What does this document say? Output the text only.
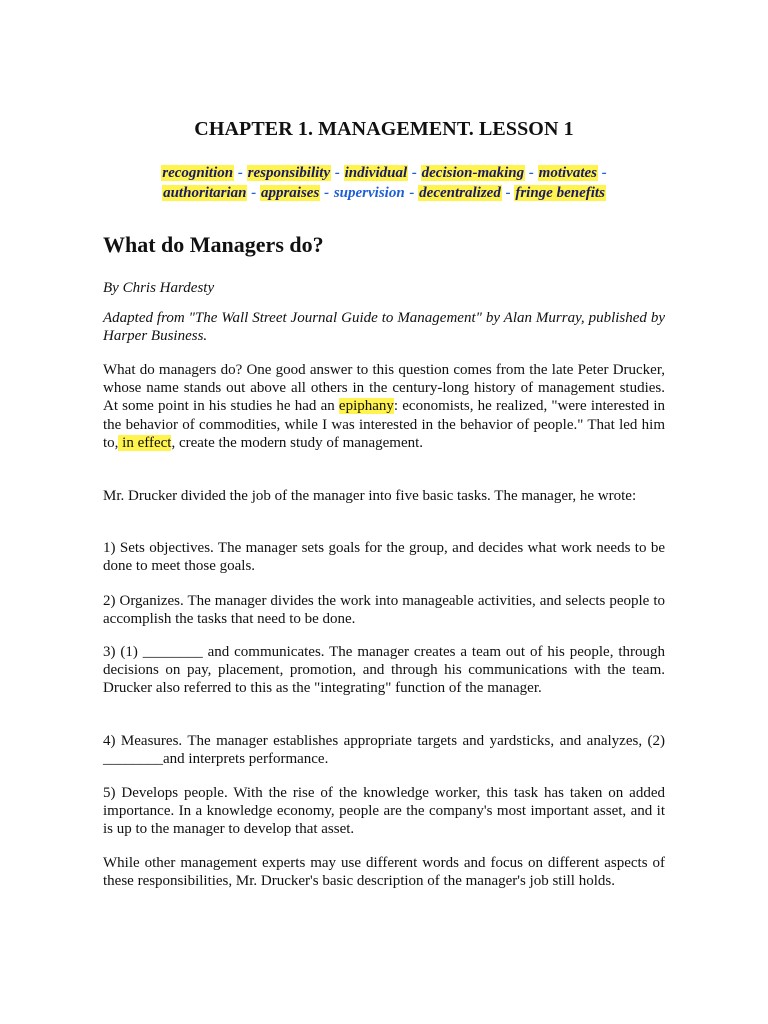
CHAPTER 1. MANAGEMENT. LESSON 1
recognition - responsibility - individual - decision-making - motivates -
authoritarian - appraises - supervision - decentralized - fringe benefits
What do Managers do?
By Chris Hardesty
Adapted from "The Wall Street Journal Guide to Management" by Alan Murray, published by Harper Business.
What do managers do? One good answer to this question comes from the late Peter Drucker, whose name stands out above all others in the century-long history of management studies. At some point in his studies he had an epiphany: economists, he realized, "were interested in the behavior of commodities, while I was interested in the behavior of people." That led him to, in effect, create the modern study of management.
Mr. Drucker divided the job of the manager into five basic tasks. The manager, he wrote:
1) Sets objectives. The manager sets goals for the group, and decides what work needs to be done to meet those goals.
2) Organizes. The manager divides the work into manageable activities, and selects people to accomplish the tasks that need to be done.
3) (1) ________ and communicates. The manager creates a team out of his people, through decisions on pay, placement, promotion, and through his communications with the team. Drucker also referred to this as the "integrating" function of the manager.
4) Measures. The manager establishes appropriate targets and yardsticks, and analyzes, (2) ________and interprets performance.
5) Develops people. With the rise of the knowledge worker, this task has taken on added importance. In a knowledge economy, people are the company's most important asset, and it is up to the manager to develop that asset.
While other management experts may use different words and focus on different aspects of these responsibilities, Mr. Drucker's basic description of the manager's job still holds.
